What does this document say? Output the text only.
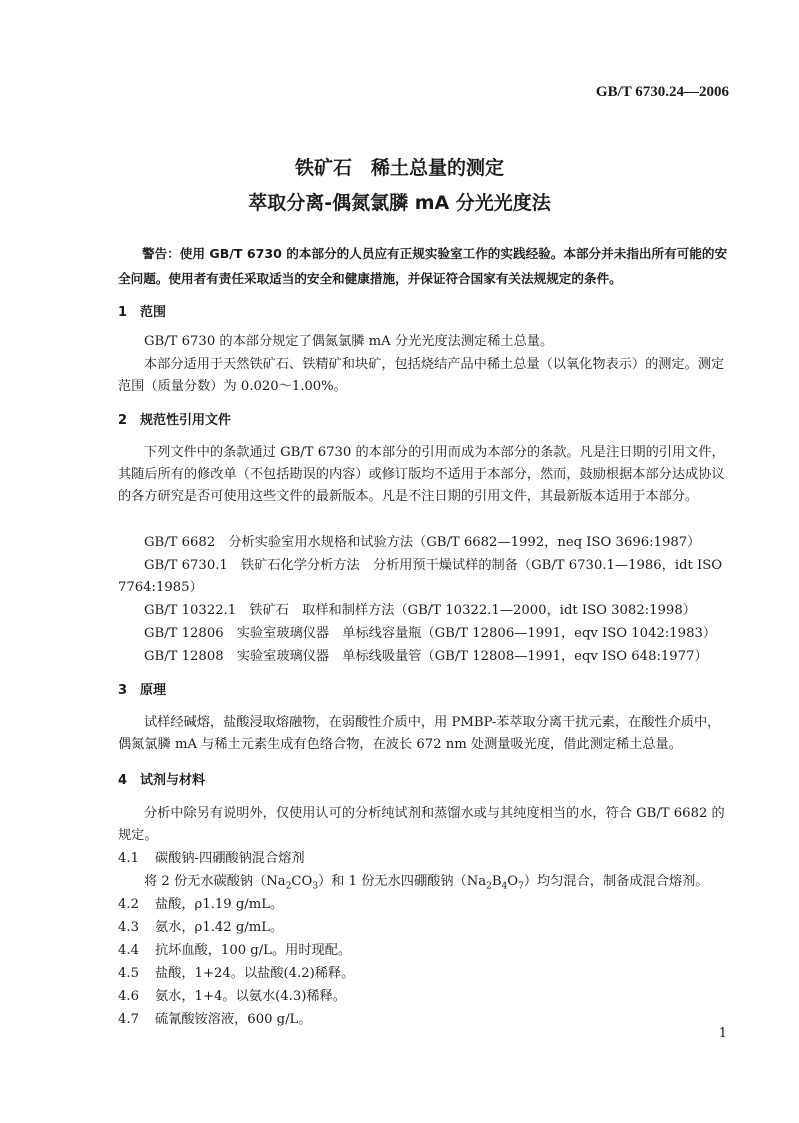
GB/T 6730.24—2006
铁矿石　稀土总量的测定
萃取分离-偶氮氯膦 mA 分光光度法
警告：使用 GB/T 6730 的本部分的人员应有正规实验室工作的实践经验。本部分并未指出所有可能的安全问题。使用者有责任采取适当的安全和健康措施，并保证符合国家有关法规规定的条件。
1　范围
GB/T 6730 的本部分规定了偶氮氯膦 mA 分光光度法测定稀土总量。
本部分适用于天然铁矿石、铁精矿和块矿，包括烧结产品中稀土总量（以氧化物表示）的测定。测定范围（质量分数）为 0.020～1.00%。
2　规范性引用文件
下列文件中的条款通过 GB/T 6730 的本部分的引用而成为本部分的条款。凡是注日期的引用文件，其随后所有的修改单（不包括勘误的内容）或修订版均不适用于本部分，然而，鼓励根据本部分达成协议的各方研究是否可使用这些文件的最新版本。凡是不注日期的引用文件，其最新版本适用于本部分。
GB/T 6682　分析实验室用水规格和试验方法（GB/T 6682—1992，neq ISO 3696:1987）
GB/T 6730.1　铁矿石化学分析方法　分析用预干燥试样的制备（GB/T 6730.1—1986，idt ISO 7764:1985）
GB/T 10322.1　铁矿石　取样和制样方法（GB/T 10322.1—2000，idt ISO 3082:1998）
GB/T 12806　实验室玻璃仪器　单标线容量瓶（GB/T 12806—1991，eqv ISO 1042:1983）
GB/T 12808　实验室玻璃仪器　单标线吸量管（GB/T 12808—1991，eqv ISO 648:1977）
3　原理
试样经碱熔，盐酸浸取熔融物，在弱酸性介质中，用 PMBP-苯萃取分离干扰元素，在酸性介质中，偶氮氯膦 mA 与稀土元素生成有色络合物，在波长 672 nm 处测量吸光度，借此测定稀土总量。
4　试剂与材料
分析中除另有说明外，仅使用认可的分析纯试剂和蒸馏水或与其纯度相当的水，符合 GB/T 6682 的规定。
4.1 碳酸钠-四硼酸钠混合熔剂
将 2 份无水碳酸钠$(Na_2CO_3)$和 1 份无水四硼酸钠$(Na_2B_4O_7)$均匀混合，制备成混合熔剂。
4.2 盐酸，ρ1.19 g/mL。
4.3 氨水，ρ1.42 g/mL。
4.4 抗坏血酸，100 g/L。用时现配。
4.5 盐酸，1+24。以盐酸(4.2)稀释。
4.6 氨水，1+4。以氨水(4.3)稀释。
4.7 硫氰酸铵溶液，600 g/L。
1
